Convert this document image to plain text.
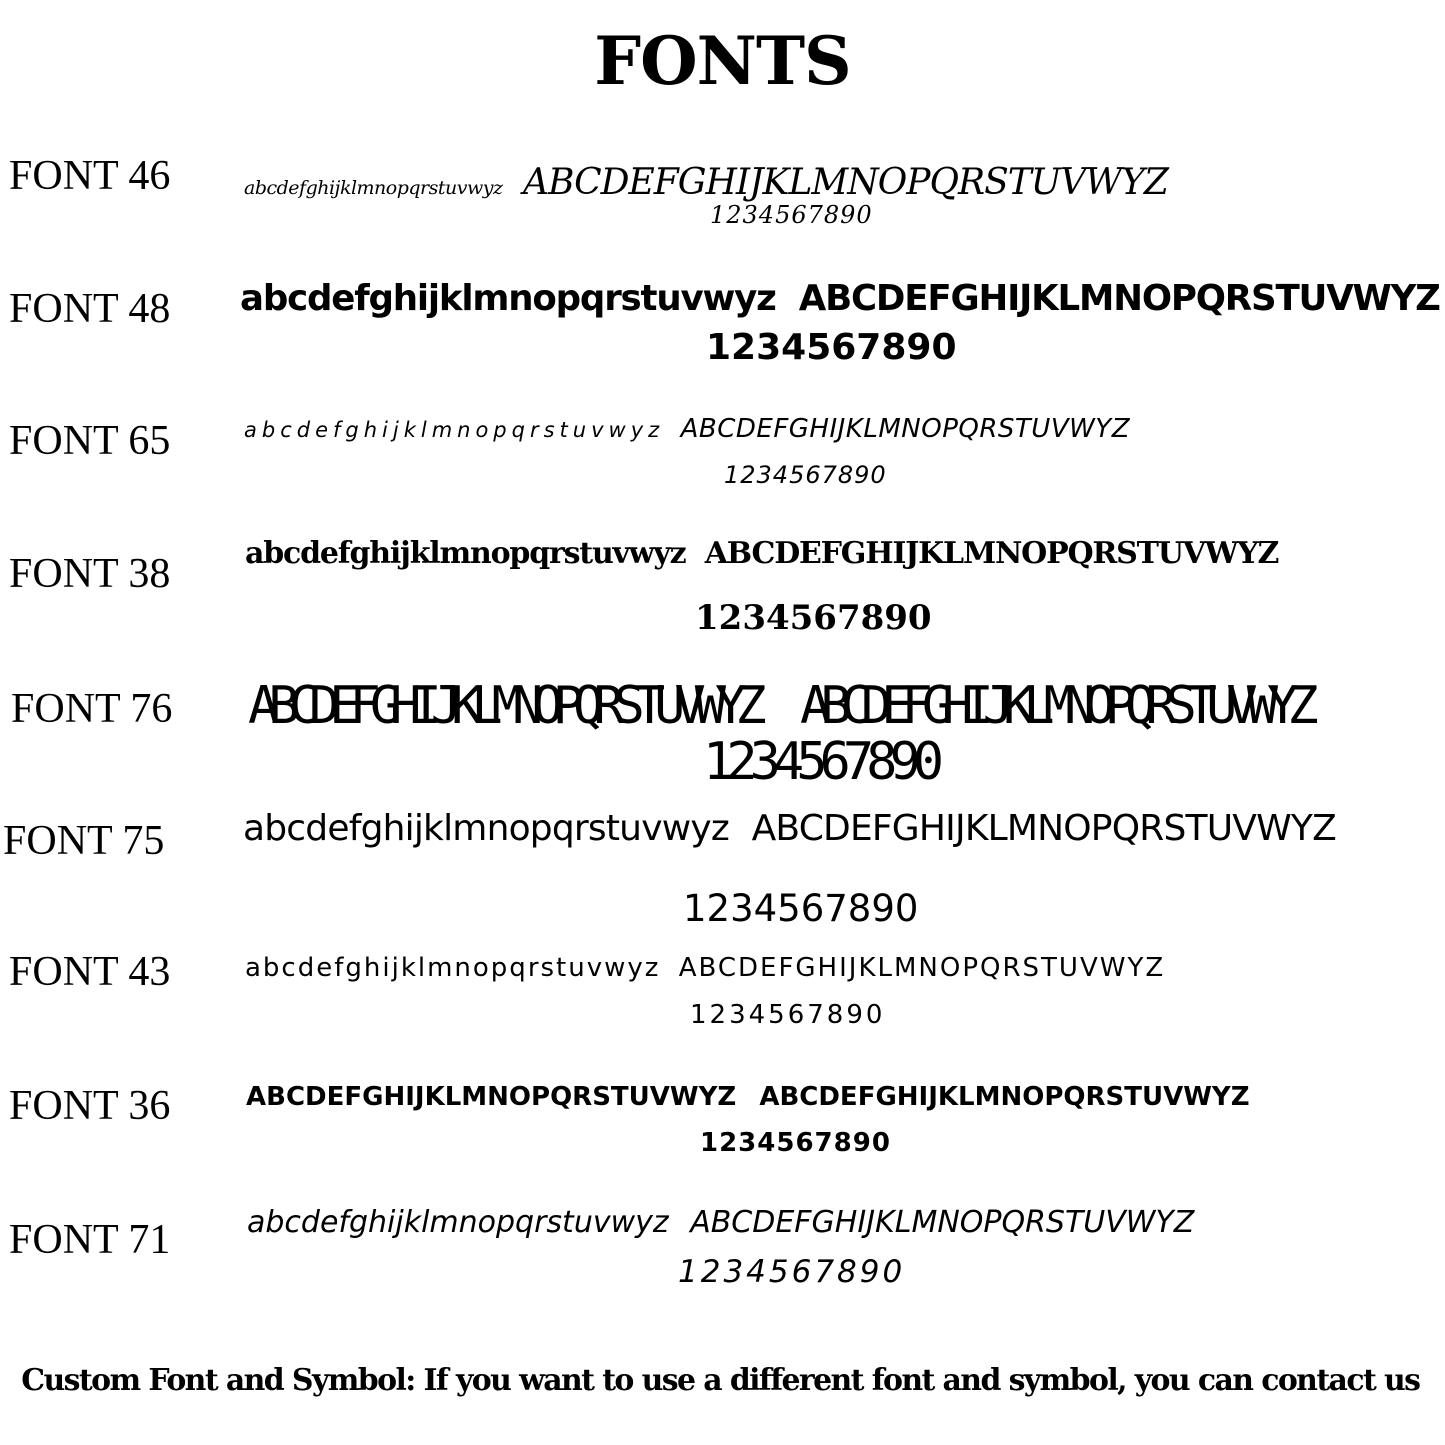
FONTS
FONT 46	abcdefghijklmnopqrstuvwyz ABCDEFGHIJKLMNOPQRSTUVWYZ
1234567890
FONT 48 abcdefghijklmnopqrstuvwyz ABCDEFGHIJKLMNOPQRSTUVWYZ
1234567890
FONT 65	abcdefghijklmnopqrstuvwyz ABCDEFGHIJKLMNOPQRSTUVWYZ
1234567890
FONT 38 abcdefghijklmnopqrstuvwyz ABCDEFGHIJKLMNOPQRSTUVWYZ
1234567890
FONT 76 ABCDEFGHIJKLMNOPQRSTUVWYZ ABCDEFGHIJKLMNOPQRSTUVWYZ
1234567890
FONT 75 abcdefghijklmnopqrstuvwyz ABCDEFGHIJKLMNOPQRSTUVWYZ
1234567890
FONT 43	abcdefghijklmnopqrstuvwyz ABCDEFGHIJKLMNOPQRSTUVWYZ
1234567890
FONT 36	ABCDEFGHIJKLMNOPQRSTUVWYZ ABCDEFGHIJKLMNOPQRSTUVWYZ
1234567890
FONT 71	abcdefghijklmnopqrstuvwyz ABCDEFGHIJKLMNOPQRSTUVWYZ
1234567890
Custom Font and Symbol: If you want to use a different font and symbol, you can contact us
